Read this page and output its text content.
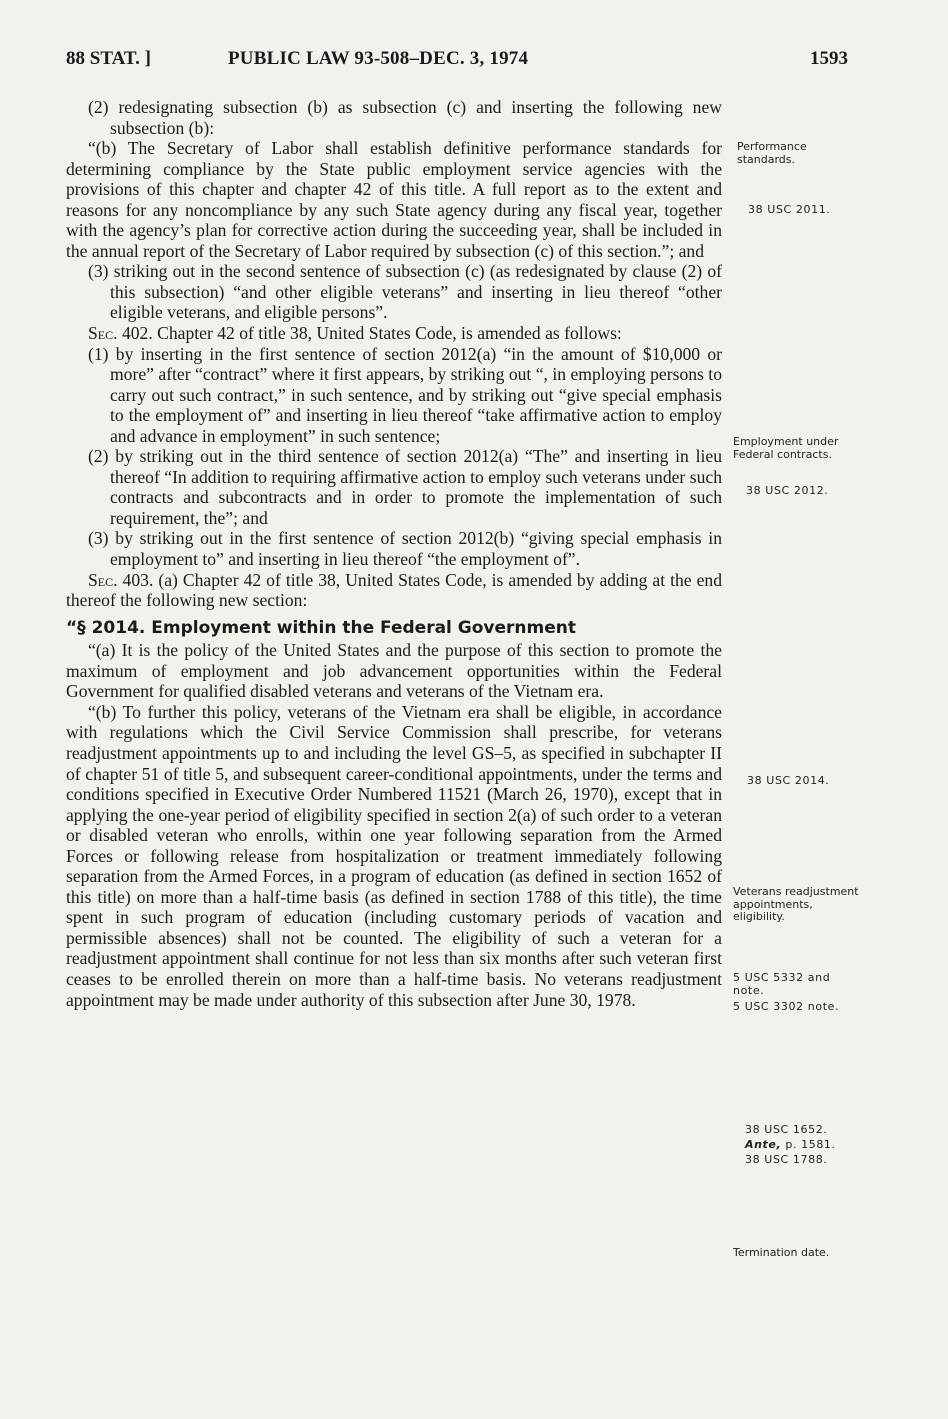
88 STAT. ]	PUBLIC LAW 93-508–DEC. 3, 1974	1593

(2) redesignating subsection (b) as subsection (c) and inserting the following new subsection (b):

“(b) The Secretary of Labor shall establish definitive performance standards for determining compliance by the State public employment service agencies with the provisions of this chapter and chapter 42 of this title. A full report as to the extent and reasons for any noncompliance by any such State agency during any fiscal year, together with the agency’s plan for corrective action during the succeeding year, shall be included in the annual report of the Secretary of Labor required by subsection (c) of this section.”; and

(3) striking out in the second sentence of subsection (c) (as redesignated by clause (2) of this subsection) “and other eligible veterans” and inserting in lieu thereof “other eligible veterans, and eligible persons”.

Sec. 402. Chapter 42 of title 38, United States Code, is amended as follows:

(1) by inserting in the first sentence of section 2012(a) “in the amount of $10,000 or more” after “contract” where it first appears, by striking out “, in employing persons to carry out such contract,” in such sentence, and by striking out “give special emphasis to the employment of” and inserting in lieu thereof “take affirmative action to employ and advance in employment” in such sentence;

(2) by striking out in the third sentence of section 2012(a) “The” and inserting in lieu thereof “In addition to requiring affirmative action to employ such veterans under such contracts and subcontracts and in order to promote the implementation of such requirement, the”; and

(3) by striking out in the first sentence of section 2012(b) “giving special emphasis in employment to” and inserting in lieu thereof “the employment of”.

Sec. 403. (a) Chapter 42 of title 38, United States Code, is amended by adding at the end thereof the following new section:

“§ 2014. Employment within the Federal Government

“(a) It is the policy of the United States and the purpose of this section to promote the maximum of employment and job advancement opportunities within the Federal Government for qualified disabled veterans and veterans of the Vietnam era.

“(b) To further this policy, veterans of the Vietnam era shall be eligible, in accordance with regulations which the Civil Service Commission shall prescribe, for veterans readjustment appointments up to and including the level GS–5, as specified in subchapter II of chapter 51 of title 5, and subsequent career-conditional appointments, under the terms and conditions specified in Executive Order Numbered 11521 (March 26, 1970), except that in applying the one-year period of eligibility specified in section 2(a) of such order to a veteran or disabled veteran who enrolls, within one year following separation from the Armed Forces or following release from hospitalization or treatment immediately following separation from the Armed Forces, in a program of education (as defined in section 1652 of this title) on more than a half-time basis (as defined in section 1788 of this title), the time spent in such program of education (including customary periods of vacation and permissible absences) shall not be counted. The eligibility of such a veteran for a readjustment appointment shall continue for not less than six months after such veteran first ceases to be enrolled therein on more than a half-time basis. No veterans readjustment appointment may be made under authority of this subsection after June 30, 1978.

Performance standards.
38 USC 2011.
Employment under Federal contracts.
38 USC 2012.
38 USC 2014.
Veterans readjustment appointments, eligibility.
5 USC 5332 and note.
5 USC 3302 note.
38 USC 1652.
Ante, p. 1581.
38 USC 1788.
Termination date.
